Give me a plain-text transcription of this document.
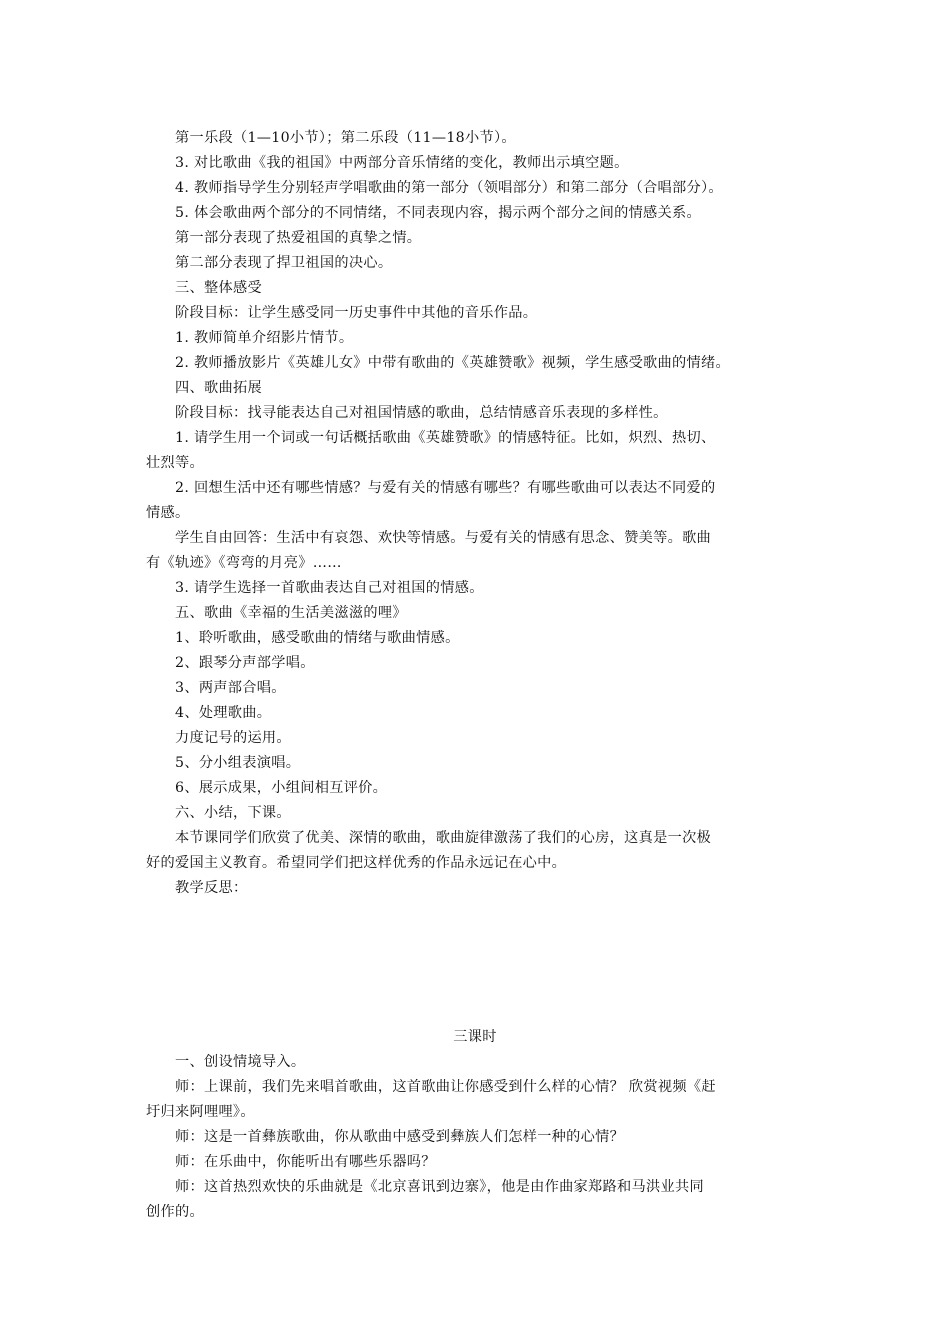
第一乐段（1—10小节）；第二乐段（11—18小节）。
3. 对比歌曲《我的祖国》中两部分音乐情绪的变化，教师出示填空题。
4. 教师指导学生分别轻声学唱歌曲的第一部分（领唱部分）和第二部分（合唱部分）。
5. 体会歌曲两个部分的不同情绪，不同表现内容，揭示两个部分之间的情感关系。
第一部分表现了热爱祖国的真挚之情。
第二部分表现了捍卫祖国的决心。
三、整体感受
阶段目标：让学生感受同一历史事件中其他的音乐作品。
1. 教师简单介绍影片情节。
2. 教师播放影片《英雄儿女》中带有歌曲的《英雄赞歌》视频，学生感受歌曲的情绪。
四、歌曲拓展
阶段目标：找寻能表达自己对祖国情感的歌曲，总结情感音乐表现的多样性。
1. 请学生用一个词或一句话概括歌曲《英雄赞歌》的情感特征。比如，炽烈、热切、
壮烈等。
2. 回想生活中还有哪些情感？与爱有关的情感有哪些？有哪些歌曲可以表达不同爱的
情感。
学生自由回答：生活中有哀怨、欢快等情感。与爱有关的情感有思念、赞美等。歌曲
有《轨迹》《弯弯的月亮》……
3. 请学生选择一首歌曲表达自己对祖国的情感。
五、歌曲《幸福的生活美滋滋的哩》
1、聆听歌曲，感受歌曲的情绪与歌曲情感。
2、跟琴分声部学唱。
3、两声部合唱。
4、处理歌曲。
力度记号的运用。
5、分小组表演唱。
6、展示成果，小组间相互评价。
六、小结，下课。
本节课同学们欣赏了优美、深情的歌曲，歌曲旋律激荡了我们的心房，这真是一次极
好的爱国主义教育。希望同学们把这样优秀的作品永远记在心中。
教学反思：
三课时
一、创设情境导入。
师：上课前，我们先来唱首歌曲，这首歌曲让你感受到什么样的心情？ 欣赏视频《赶
圩归来阿哩哩》。
师：这是一首彝族歌曲，你从歌曲中感受到彝族人们怎样一种的心情？
师：在乐曲中，你能听出有哪些乐器吗？
师：这首热烈欢快的乐曲就是《北京喜讯到边寨》，他是由作曲家郑路和马洪业共同
创作的。
